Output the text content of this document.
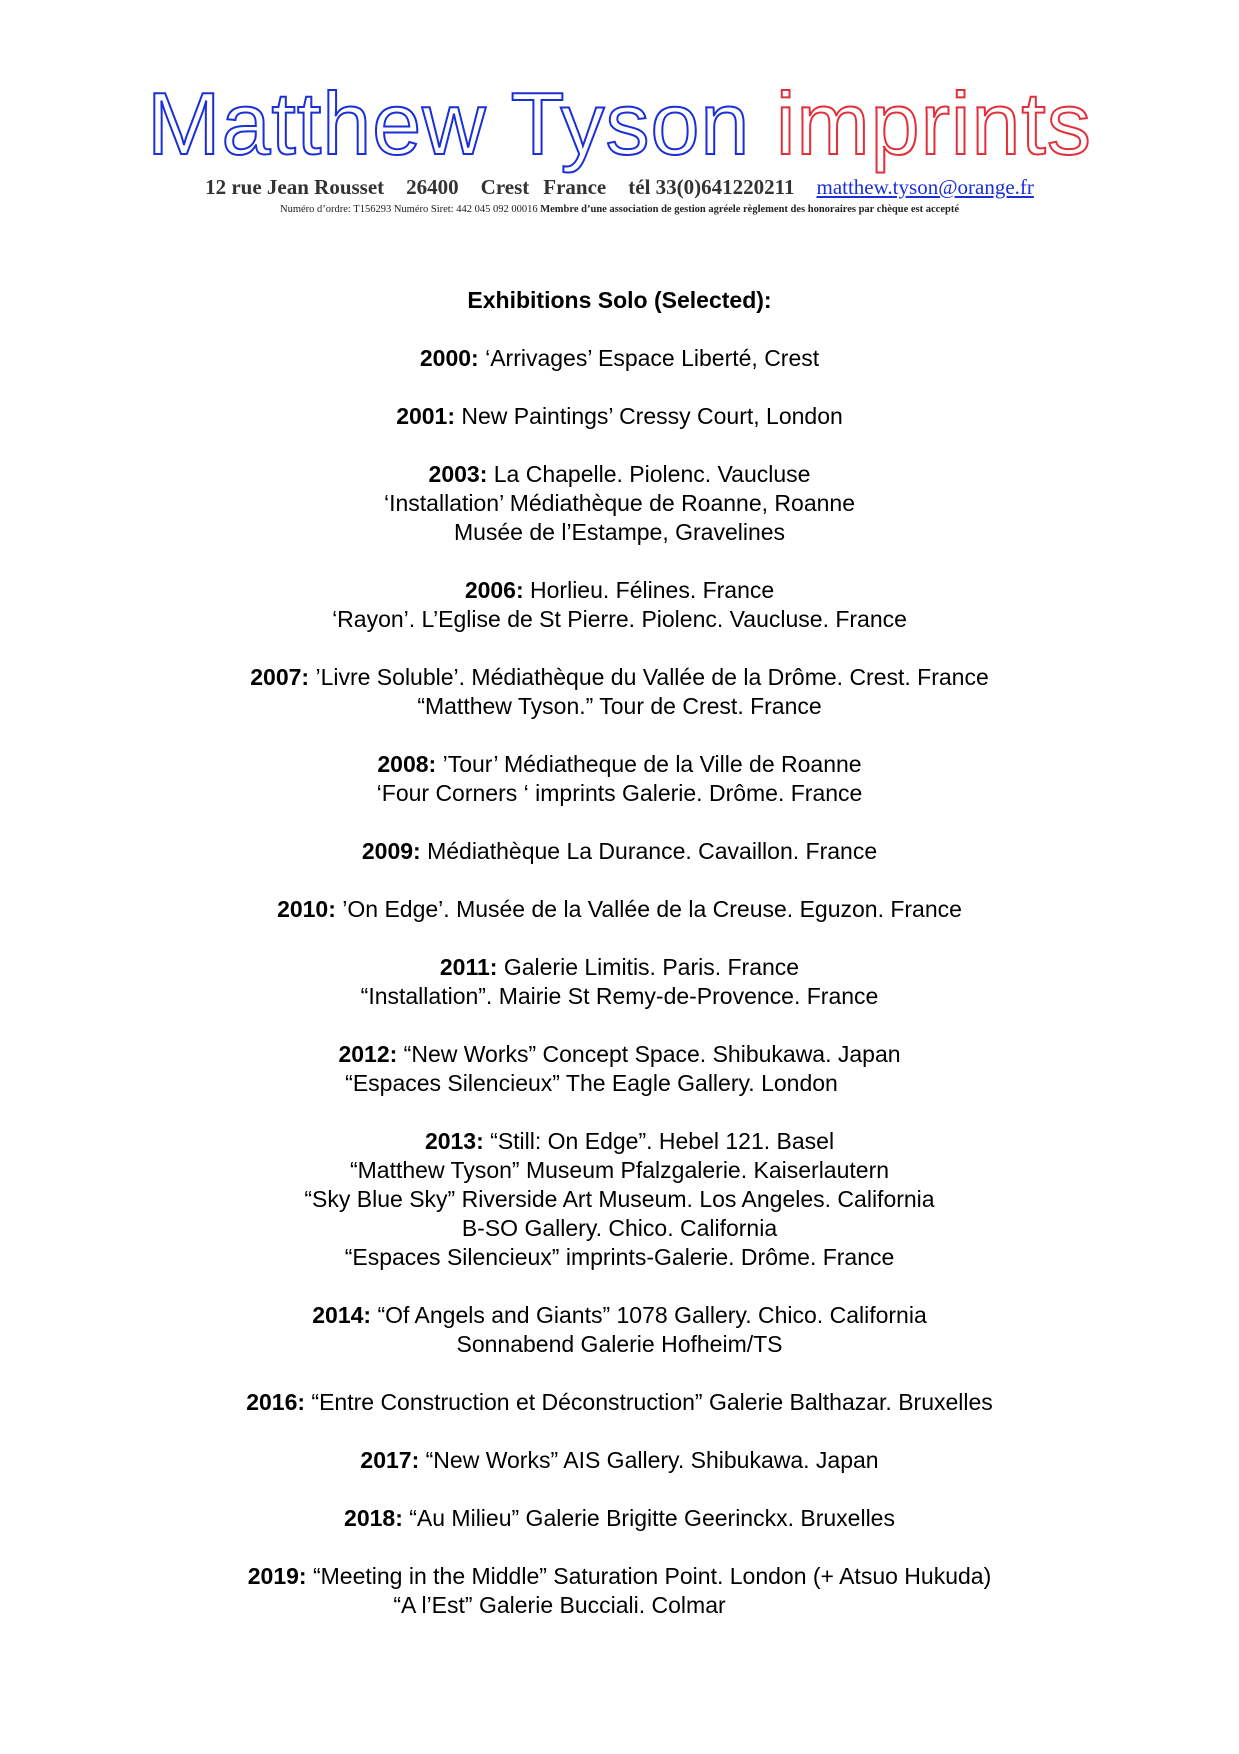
Matthew Tyson imprints
12 rue Jean Rousset 26400 Crest France tél 33(0)641220211 matthew.tyson@orange.fr
Numéro d’ordre: T156293 Numéro Siret: 442 045 092 00016 Membre d’une association de gestion agréele règlement des honoraires par chèque est accepté
Exhibitions Solo (Selected):
2000: ‘Arrivages’ Espace Liberté, Crest
2001: New Paintings’ Cressy Court, London
2003: La Chapelle. Piolenc. Vaucluse
‘Installation’ Médiathèque de Roanne, Roanne
Musée de l’Estampe, Gravelines
2006: Horlieu. Félines. France
‘Rayon’. L’Eglise de St Pierre. Piolenc. Vaucluse. France
2007: ’Livre Soluble’. Médiathèque du Vallée de la Drôme. Crest. France
“Matthew Tyson.” Tour de Crest. France
2008: ’Tour’ Médiatheque de la Ville de Roanne
‘Four Corners ‘ imprints Galerie. Drôme. France
2009: Médiathèque La Durance. Cavaillon. France
2010: ’On Edge’. Musée de la Vallée de la Creuse. Eguzon. France
2011: Galerie Limitis. Paris. France
“Installation”. Mairie St Remy-de-Provence. France
2012: “New Works” Concept Space. Shibukawa. Japan
“Espaces Silencieux” The Eagle Gallery. London
2013: “Still: On Edge”. Hebel 121. Basel
“Matthew Tyson” Museum Pfalzgalerie. Kaiserlautern
“Sky Blue Sky” Riverside Art Museum. Los Angeles. California
B-SO Gallery. Chico. California
“Espaces Silencieux” imprints-Galerie. Drôme. France
2014: “Of Angels and Giants” 1078 Gallery. Chico. California
Sonnabend Galerie Hofheim/TS
2016: “Entre Construction et Déconstruction” Galerie Balthazar. Bruxelles
2017: “New Works” AIS Gallery. Shibukawa. Japan
2018: “Au Milieu” Galerie Brigitte Geerinckx. Bruxelles
2019: “Meeting in the Middle” Saturation Point. London (+ Atsuo Hukuda)
“A l’Est” Galerie Bucciali. Colmar
